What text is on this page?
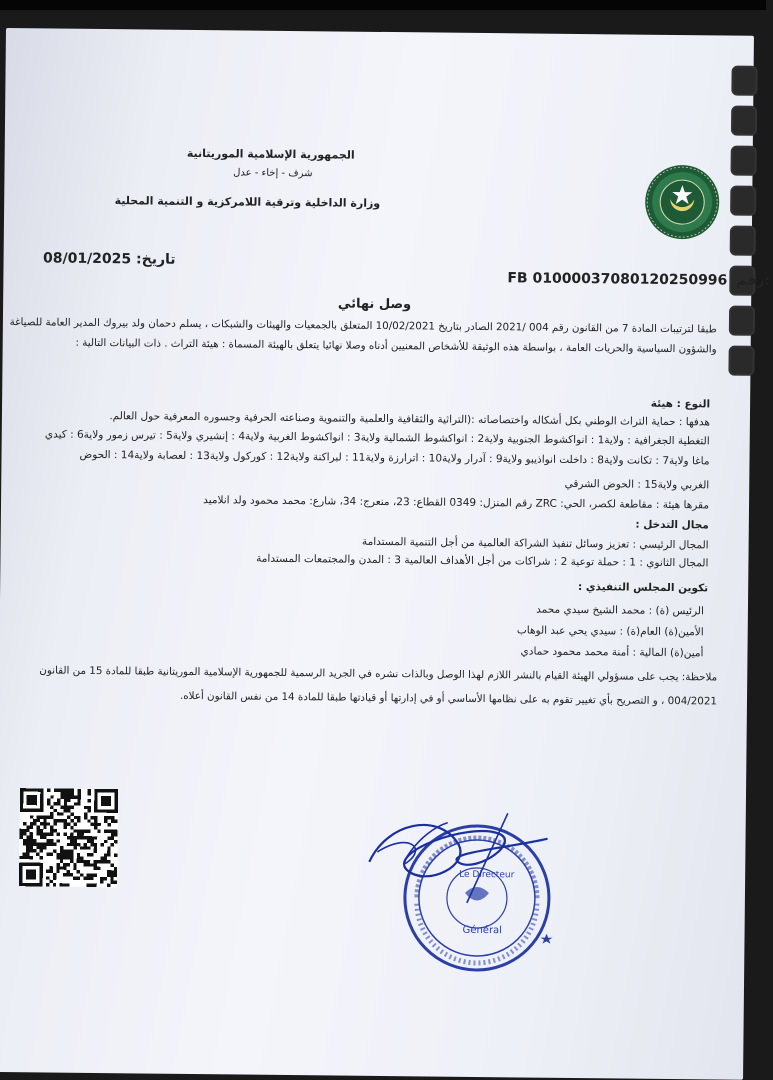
الجمهورية الإسلامية الموريتانية
شرف - إخاء - عدل
وزارة الداخلية وترقية اللامركزية و التنمية المحلية
تاريخ: 08/01/2025
FB 01000037080120250996 رقم:
وصل نهائي
طبقا لترتيبات المادة 7 من القانون رقم 004 /2021 الصادر بتاريخ 10/02/2021 المتعلق بالجمعيات والهيئات والشبكات ، يسلم دحمان ولد بيروك المدير العامة للصياغة
والشؤون السياسية والحريات العامة ، بواسطة هذه الوثيقة للأشخاص المعنيين أدناه وصلا نهائيا يتعلق بالهيئة المسماة : هيئة التراث . ذات البيانات التالية :
النوع : هيئة
هدفها : حماية التراث الوطني بكل أشكاله واختصاصاته :(التراثية والثقافية والعلمية والتنموية وصناعته الحرفية وجسوره المعرفية حول العالم.
التغطية الجغرافية : ولاية1 : انواكشوط الجنوبية ولاية2 : انواكشوط الشمالية ولاية3 : انواكشوط الغربية ولاية4 : إنشيري ولاية5 : تيرس زمور ولاية6 : كيدي
ماغا ولاية7 : تكانت ولاية8 : داخلت انواذيبو ولاية9 : آدرار ولاية10 : اترارزة ولاية11 : لبراكنة ولاية12 : كوركول ولاية13 : لعصابة ولاية14 : الحوض
الغربي ولاية15 : الحوض الشرقي
مقرها هيئة : مقاطعة لكصر، الحي: ZRC رقم المنزل: 0349 القطاع: 23، منعرج: 34، شارع: محمد محمود ولد انلاميد
مجال التدخل :
المجال الرئيسي : تعزيز وسائل تنفيذ الشراكة العالمية من أجل التنمية المستدامة
المجال الثانوي : 1 : حملة توعية 2 : شراكات من أجل الأهداف العالمية 3 : المدن والمجتمعات المستدامة
تكوين المجلس التنفيذي :
الرئيس (ة) : محمد الشيخ سيدي محمد
الأمين(ة) العام(ة) : سيدي يحي عبد الوهاب
أمين(ة) المالية : أمنة محمد محمود حمادي
ملاحظة: يجب على مسؤولي الهيئة القيام بالنشر اللازم لهذا الوصل وبالذات نشره في الجريد الرسمية للجمهورية الإسلامية الموريتانية طبقا للمادة 15 من القانون
004/2021 ، و التصريح بأي تغيير تقوم به على نظامها الأساسي أو في إدارتها أو قيادتها طبقا للمادة 14 من نفس القانون أعلاه.
Général
Le Directeur
